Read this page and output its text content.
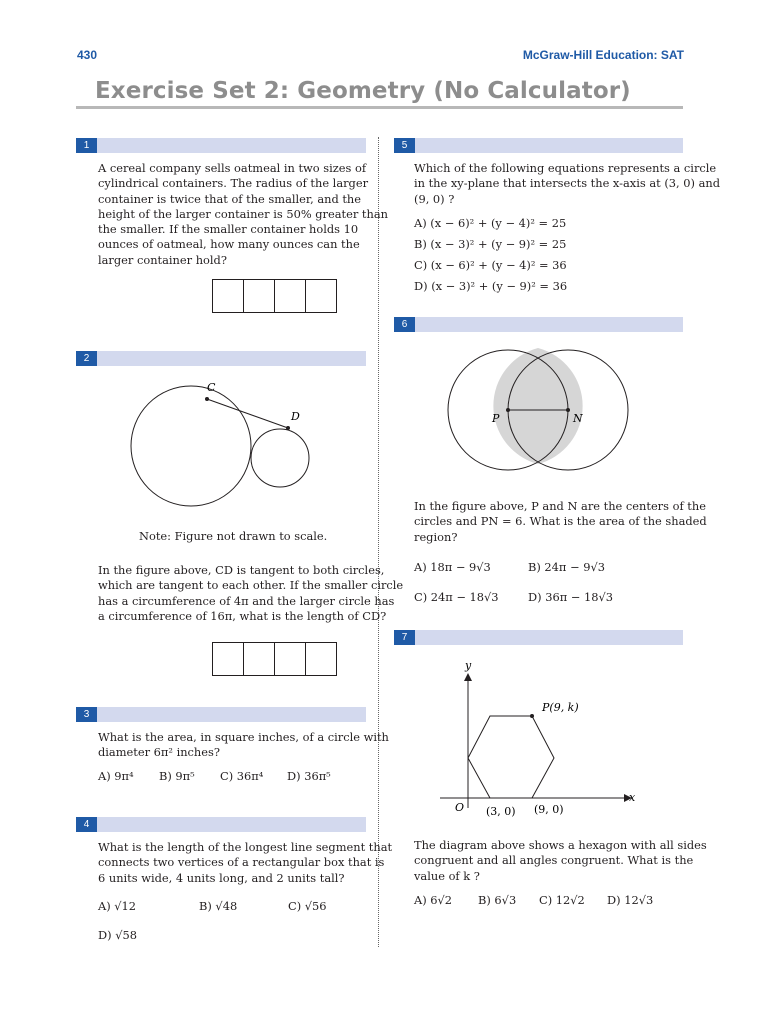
430	McGraw-Hill Education: SAT
Exercise Set 2: Geometry (No Calculator)
1
A cereal company sells oatmeal in two sizes of
cylindrical containers. The radius of the larger
container is twice that of the smaller, and the
height of the larger container is 50% greater than
the smaller. If the smaller container holds 10
ounces of oatmeal, how many ounces can the
larger container hold?
2
C
D
Note: Figure not drawn to scale.
In the figure above, CD is tangent to both circles,
which are tangent to each other. If the smaller circle
has a circumference of 4π and the larger circle has
a circumference of 16π, what is the length of CD?
3
What is the area, in square inches, of a circle with
diameter 6π² inches?
A) 9π⁴ B) 9π⁵ C) 36π⁴ D) 36π⁵
4
What is the length of the longest line segment that
connects two vertices of a rectangular box that is
6 units wide, 4 units long, and 2 units tall?
A) √12	B) √48	C) √56
D) √58
5
Which of the following equations represents a circle
in the xy-plane that intersects the x-axis at (3, 0) and
(9, 0) ?
A) (x − 6)² + (y − 4)² = 25
B) (x − 3)² + (y − 9)² = 25
C) (x − 6)² + (y − 4)² = 36
D) (x − 3)² + (y − 9)² = 36
6
P	N
In the figure above, P and N are the centers of the
circles and PN = 6. What is the area of the shaded
region?
A) 18π − 9√3	B) 24π − 9√3
C) 24π − 18√3	D) 36π − 18√3
7
y
x
O
P(9, k)
(3, 0) (9, 0)
The diagram above shows a hexagon with all sides
congruent and all angles congruent. What is the
value of k ?
A) 6√2 B) 6√3 C) 12√2 D) 12√3
